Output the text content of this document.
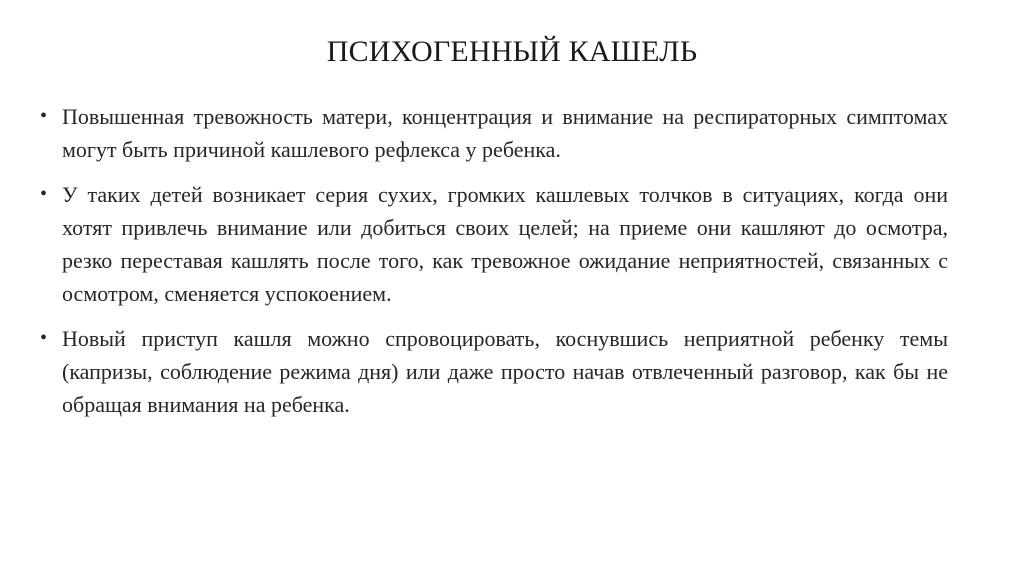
ПСИХОГЕННЫЙ КАШЕЛЬ
• Повышенная тревожность матери, концентрация и внимание на респираторных симптомах могут быть причиной кашлевого рефлекса у ребенка.
• У таких детей возникает серия сухих, громких кашлевых толчков в ситуациях, когда они хотят привлечь внимание или добиться своих целей; на приеме они кашляют до осмотра, резко переставая кашлять после того, как тревожное ожидание неприятностей, связанных с осмотром, сменяется успокоением.
• Новый приступ кашля можно спровоцировать, коснувшись неприятной ребенку темы (капризы, соблюдение режима дня) или даже просто начав отвлеченный разговор, как бы не обращая внимания на ребенка.
